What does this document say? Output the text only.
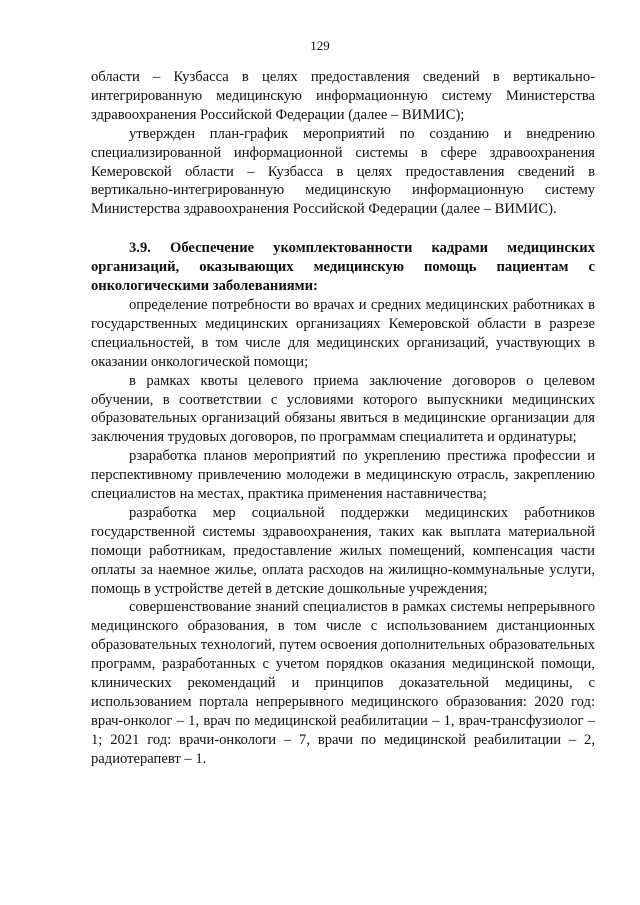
129

области – Кузбасса в целях предоставления сведений в вертикально-интегрированную медицинскую информационную систему Министерства здравоохранения Российской Федерации (далее – ВИМИС);

утвержден план-график мероприятий по созданию и внедрению специализированной информационной системы в сфере здравоохранения Кемеровской области – Кузбасса в целях предоставления сведений в вертикально-интегрированную медицинскую информационную систему Министерства здравоохранения Российской Федерации (далее – ВИМИС).

3.9. Обеспечение укомплектованности кадрами медицинских организаций, оказывающих медицинскую помощь пациентам с онкологическими заболеваниями:

определение потребности во врачах и средних медицинских работниках в государственных медицинских организациях Кемеровской области в разрезе специальностей, в том числе для медицинских организаций, участвующих в оказании онкологической помощи;

в рамках квоты целевого приема заключение договоров о целевом обучении, в соответствии с условиями которого выпускники медицинских образовательных организаций обязаны явиться в медицинские организации для заключения трудовых договоров, по программам специалитета и ординатуры;

рзаработка планов мероприятий по укреплению престижа профессии и перспективному привлечению молодежи в медицинскую отрасль, закреплению специалистов на местах, практика применения наставничества;

разработка мер социальной поддержки медицинских работников государственной системы здравоохранения, таких как выплата материальной помощи работникам, предоставление жилых помещений, компенсация части оплаты за наемное жилье, оплата расходов на жилищно-коммунальные услуги, помощь в устройстве детей в детские дошкольные учреждения;

совершенствование знаний специалистов в рамках системы непрерывного медицинского образования, в том числе с использованием дистанционных образовательных технологий, путем освоения дополнительных образовательных программ, разработанных с учетом порядков оказания медицинской помощи, клинических рекомендаций и принципов доказательной медицины, с использованием портала непрерывного медицинского образования: 2020 год: врач-онколог – 1, врач по медицинской реабилитации – 1, врач-трансфузиолог – 1; 2021 год: врачи-онкологи – 7, врачи по медицинской реабилитации – 2, радиотерапевт – 1.
